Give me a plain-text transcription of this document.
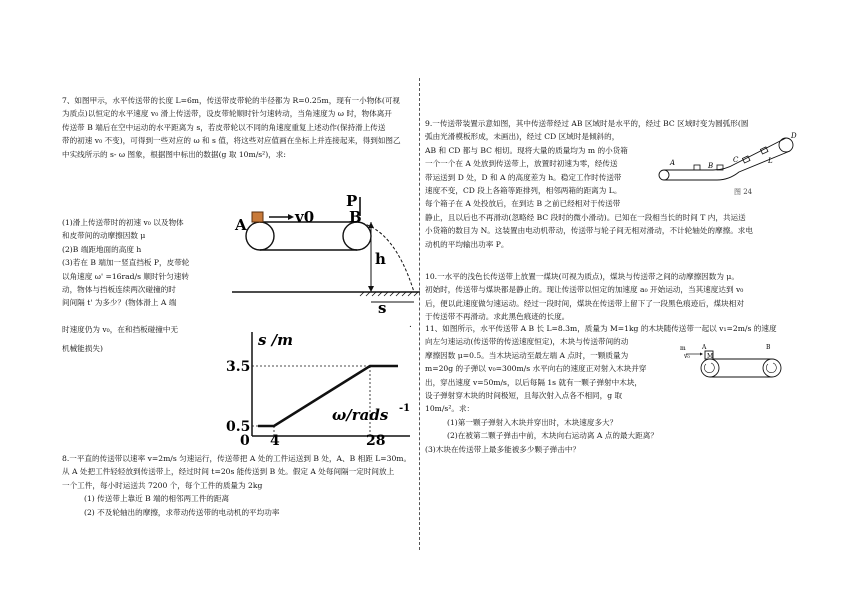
7、如图甲示，水平传送带的长度 L=6m，传送带皮带轮的半径都为 R=0.25m，现有一小物体(可视

为质点)以恒定的水平速度 v₀ 滑上传送带，设皮带轮顺时针匀速转动，当角速度为 ω 时，物体离开

传送带 B 端后在空中运动的水平距离为 s，若皮带轮以不同的角速度重复上述动作(保持滑上传送

带的初速 v₀ 不变)，可得到一些对应的 ω 和 s 值，将这些对应值画在坐标上并连接起来，得到如图乙

中实线所示的 s- ω 图象，根据图中标出的数据(g 取 10m/s²)，求:

(1)滑上传送带时的初速 v₀ 以及物体

和皮带间的动摩擦因数 μ

(2)B 端距地面的高度 h

(3)若在 B 端加一竖直挡板 P，皮带轮

以角速度 ω' =16rad/s 顺时针匀速转

动，物体与挡板连续两次碰撞的时

间间隔 t' 为多少？(物体滑上 A 端

时速度仍为 v₀，在和挡板碰撞中无

机械能损失)

v0
A
P
B
h
s
s /m
ω/rads -1
0
0.5
3.5
4	28

8.一平直的传送带以速率 v=2m/s 匀速运行，传送带把 A 处的工件运送到 B 处，A、B 相距 L=30m。

从 A 处把工件轻轻放到传送带上，经过时间 t=20s 能传送到 B 处。假定 A 处每间隔一定时间放上

一个工件，每小时运送共 7200 个，每个工件的质量为 2kg

(1) 传送带上靠近 B 端的相邻两工件的距离

(2) 不及轮轴出的摩擦，求带动传送带的电动机的平均功率

.

9.一传送带装置示意如图，其中传送带经过 AB 区域时是水平的，经过 BC 区域时变为圆弧形(圆

弧由光滑模板形成，未画出)，经过 CD 区域时是倾斜的，

AB 和 CD 都与 BC 相切。现将大量的质量均为 m 的小货箱

一个一个在 A 处放到传送带上，放置时初速为零，经传送

带运送到 D 处，D 和 A 的高度差为 h。稳定工作时传送带

速度不变，CD 段上各箱等距排列，相邻两箱的距离为 L。

每个箱子在 A 处投放后，在到达 B 之前已经相对于传送带

静止，且以后也不再滑动(忽略经 BC 段时的微小滑动)。已知在一段相当长的时间 T 内，共运送

小货箱的数目为 N。这装置由电动机带动，传送带与轮子间无相对滑动，不计轮轴处的摩擦。求电

动机的平均输出功率 P。

A	B
C
D
L
图 24

10.一水平的浅色长传送带上放置一煤块(可视为质点)，煤块与传送带之间的动摩擦因数为 μ。

初始时，传送带与煤块都是静止的。现让传送带以恒定的加速度 a₀ 开始运动，当其速度达到 v₀

后，便以此速度做匀速运动。经过一段时间，煤块在传送带上留下了一段黑色痕迹后，煤块相对

于传送带不再滑动。求此黑色痕迹的长度。

11、如图所示，水平传送带 A B 长 L=8.3m，质量为 M=1kg 的木块随传送带一起以 v₁=2m/s 的速度

向左匀速运动(传送带的传送速度恒定)，木块与传送带间的动

摩擦因数 μ=0.5。当木块运动至最左端 A 点时，一颗质量为

m=20g 的子弹以 v₀=300m/s 水平向右的速度正对射入木块并穿

出，穿出速度 v=50m/s，以后每隔 1s 就有一颗子弹射中木块，

设子弹射穿木块的时间极短，且每次射入点各不相同，g 取

10m/s²。求：

(1)第一颗子弹射入木块并穿出时，木块速度多大？

(2)在被第二颗子弹击中前，木块向右运动离 A 点的最大距离？

(3)木块在传送带上最多能被多少颗子弹击中？

M
A	B
m
v₀
